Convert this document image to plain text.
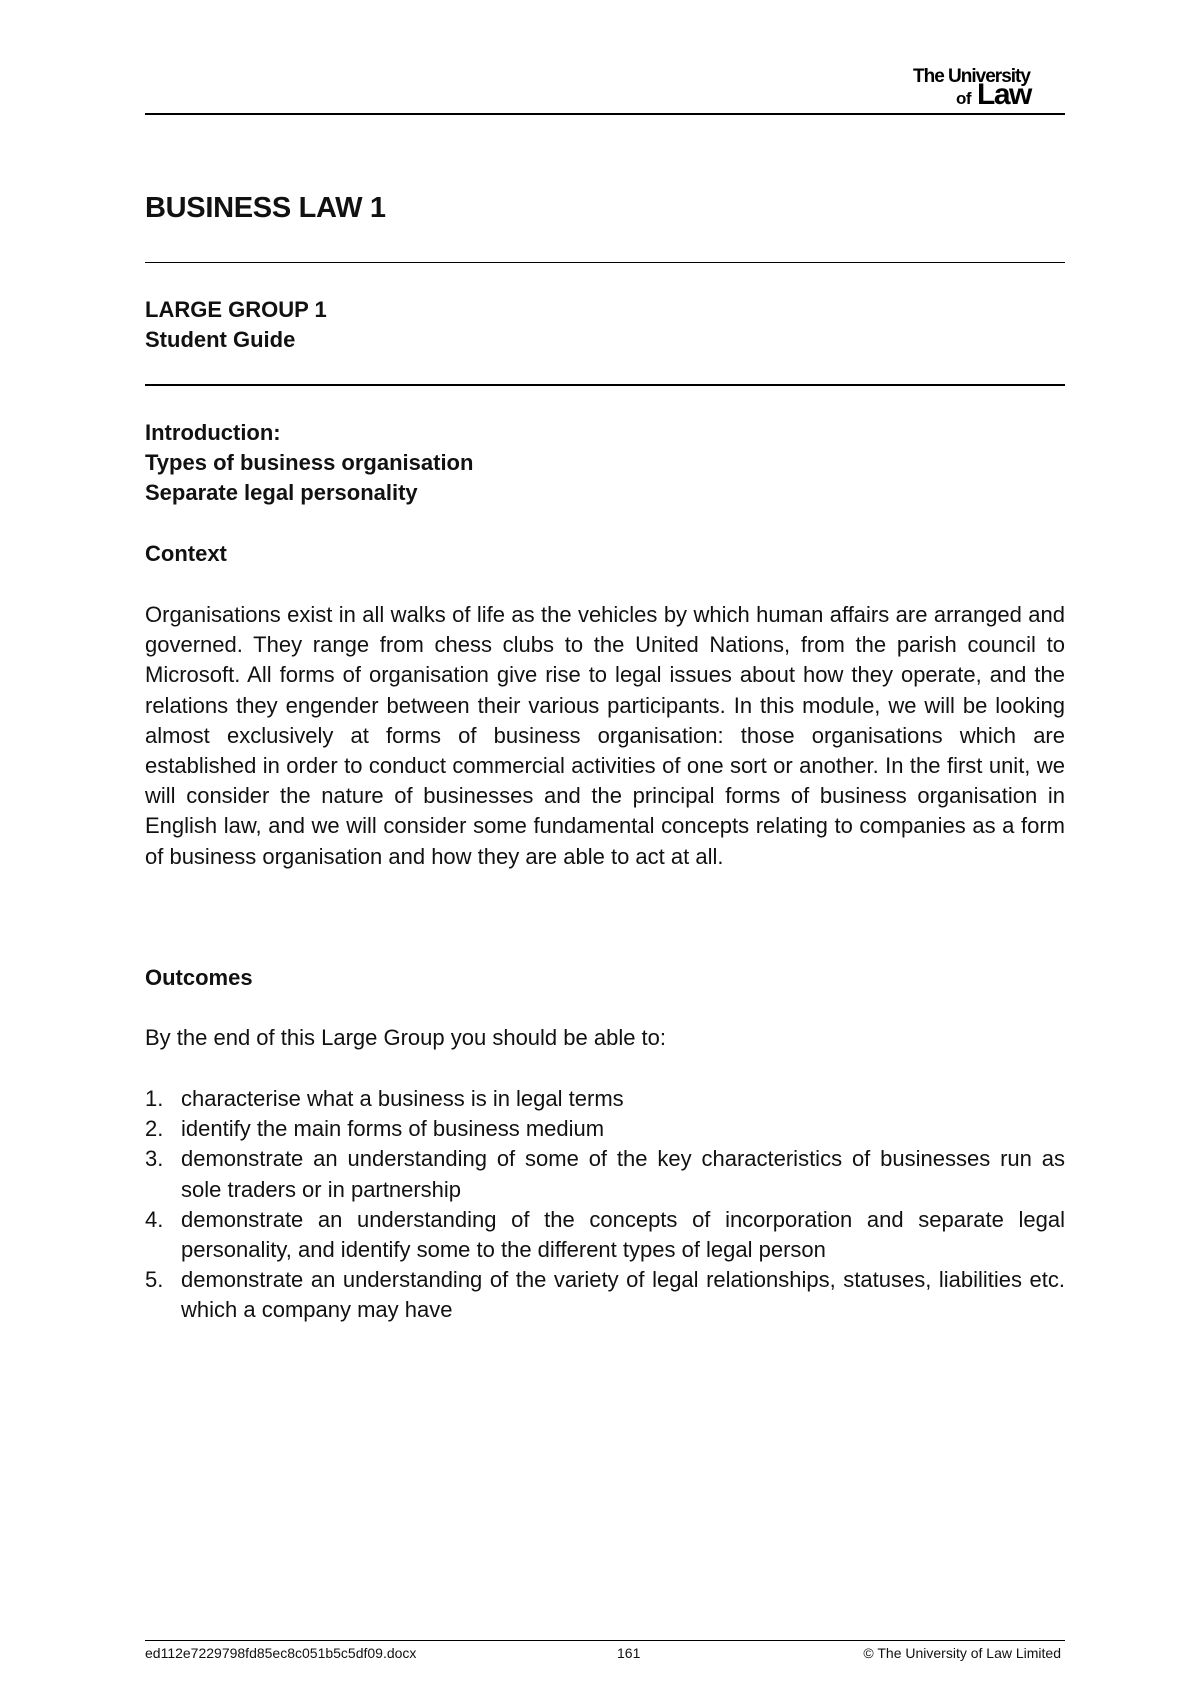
The University
of Law
BUSINESS LAW 1
LARGE GROUP 1
Student Guide
Introduction:
Types of business organisation
Separate legal personality
Context

Organisations exist in all walks of life as the vehicles by which human affairs are arranged and governed. They range from chess clubs to the United Nations, from the parish council to Microsoft. All forms of organisation give rise to legal issues about how they operate, and the relations they engender between their various participants. In this module, we will be looking almost exclusively at forms of business organisation: those organisations which are established in order to conduct commercial activities of one sort or another. In the first unit, we will consider the nature of businesses and the principal forms of business organisation in English law, and we will consider some fundamental concepts relating to companies as a form of business organisation and how they are able to act at all.

Outcomes
By the end of this Large Group you should be able to:
1. characterise what a business is in legal terms
2. identify the main forms of business medium
3. demonstrate an understanding of some of the key characteristics of businesses run as sole traders or in partnership
4. demonstrate an understanding of the concepts of incorporation and separate legal personality, and identify some to the different types of legal person
5. demonstrate an understanding of the variety of legal relationships, statuses, liabilities etc. which a company may have
ed112e7229798fd85ec8c051b5c5df09.docx	161	© The University of Law Limited
